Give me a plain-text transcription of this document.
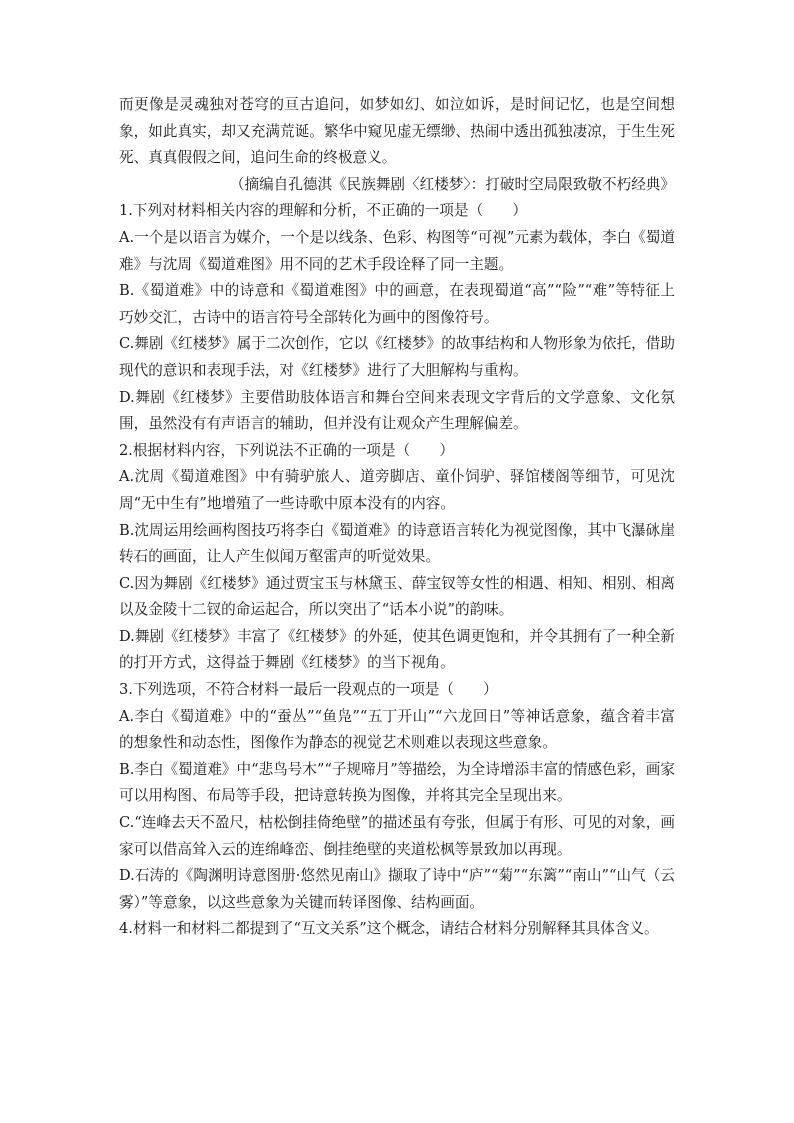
而更像是灵魂独对苍穹的亘古追问，如梦如幻、如泣如诉，是时间记忆，也是空间想象，如此真实，却又充满荒诞。繁华中窥见虚无缥缈、热闹中透出孤独凄凉，于生生死死、真真假假之间，追问生命的终极意义。

（摘编自孔德淇《民族舞剧〈红楼梦〉：打破时空局限致敬不朽经典》

1.下列对材料相关内容的理解和分析，不正确的一项是（　　）

A.一个是以语言为媒介，一个是以线条、色彩、构图等“可视”元素为载体，李白《蜀道难》与沈周《蜀道难图》用不同的艺术手段诠释了同一主题。

B.《蜀道难》中的诗意和《蜀道难图》中的画意，在表现蜀道“高”“险”“难”等特征上巧妙交汇，古诗中的语言符号全部转化为画中的图像符号。

C.舞剧《红楼梦》属于二次创作，它以《红楼梦》的故事结构和人物形象为依托，借助现代的意识和表现手法，对《红楼梦》进行了大胆解构与重构。

D.舞剧《红楼梦》主要借助肢体语言和舞台空间来表现文字背后的文学意象、文化氛围，虽然没有有声语言的辅助，但并没有让观众产生理解偏差。

2.根据材料内容，下列说法不正确的一项是（　　）

A.沈周《蜀道难图》中有骑驴旅人、道旁脚店、童仆饲驴、驿馆楼阁等细节，可见沈周“无中生有”地增殖了一些诗歌中原本没有的内容。

B.沈周运用绘画构图技巧将李白《蜀道难》的诗意语言转化为视觉图像，其中飞瀑砯崖转石的画面，让人产生似闻万壑雷声的听觉效果。

C.因为舞剧《红楼梦》通过贾宝玉与林黛玉、薛宝钗等女性的相遇、相知、相别、相离以及金陵十二钗的命运起合，所以突出了“话本小说”的韵味。

D.舞剧《红楼梦》丰富了《红楼梦》的外延，使其色调更饱和，并令其拥有了一种全新的打开方式，这得益于舞剧《红楼梦》的当下视角。

3.下列选项，不符合材料一最后一段观点的一项是（　　）

A.李白《蜀道难》中的“蚕丛”“鱼凫”“五丁开山”“六龙回日”等神话意象，蕴含着丰富的想象性和动态性，图像作为静态的视觉艺术则难以表现这些意象。

B.李白《蜀道难》中“悲鸟号木”“子规啼月”等描绘，为全诗增添丰富的情感色彩，画家可以用构图、布局等手段，把诗意转换为图像，并将其完全呈现出来。

C.“连峰去天不盈尺，枯松倒挂倚绝壁”的描述虽有夸张，但属于有形、可见的对象，画家可以借高耸入云的连绵峰峦、倒挂绝壁的夹道松枫等景致加以再现。

D.石涛的《陶渊明诗意图册·悠然见南山》撷取了诗中“庐”“菊”“东篱”“南山”“山气（云雾）”等意象，以这些意象为关键而转译图像、结构画面。

4.材料一和材料二都提到了“互文关系”这个概念，请结合材料分别解释其具体含义。
